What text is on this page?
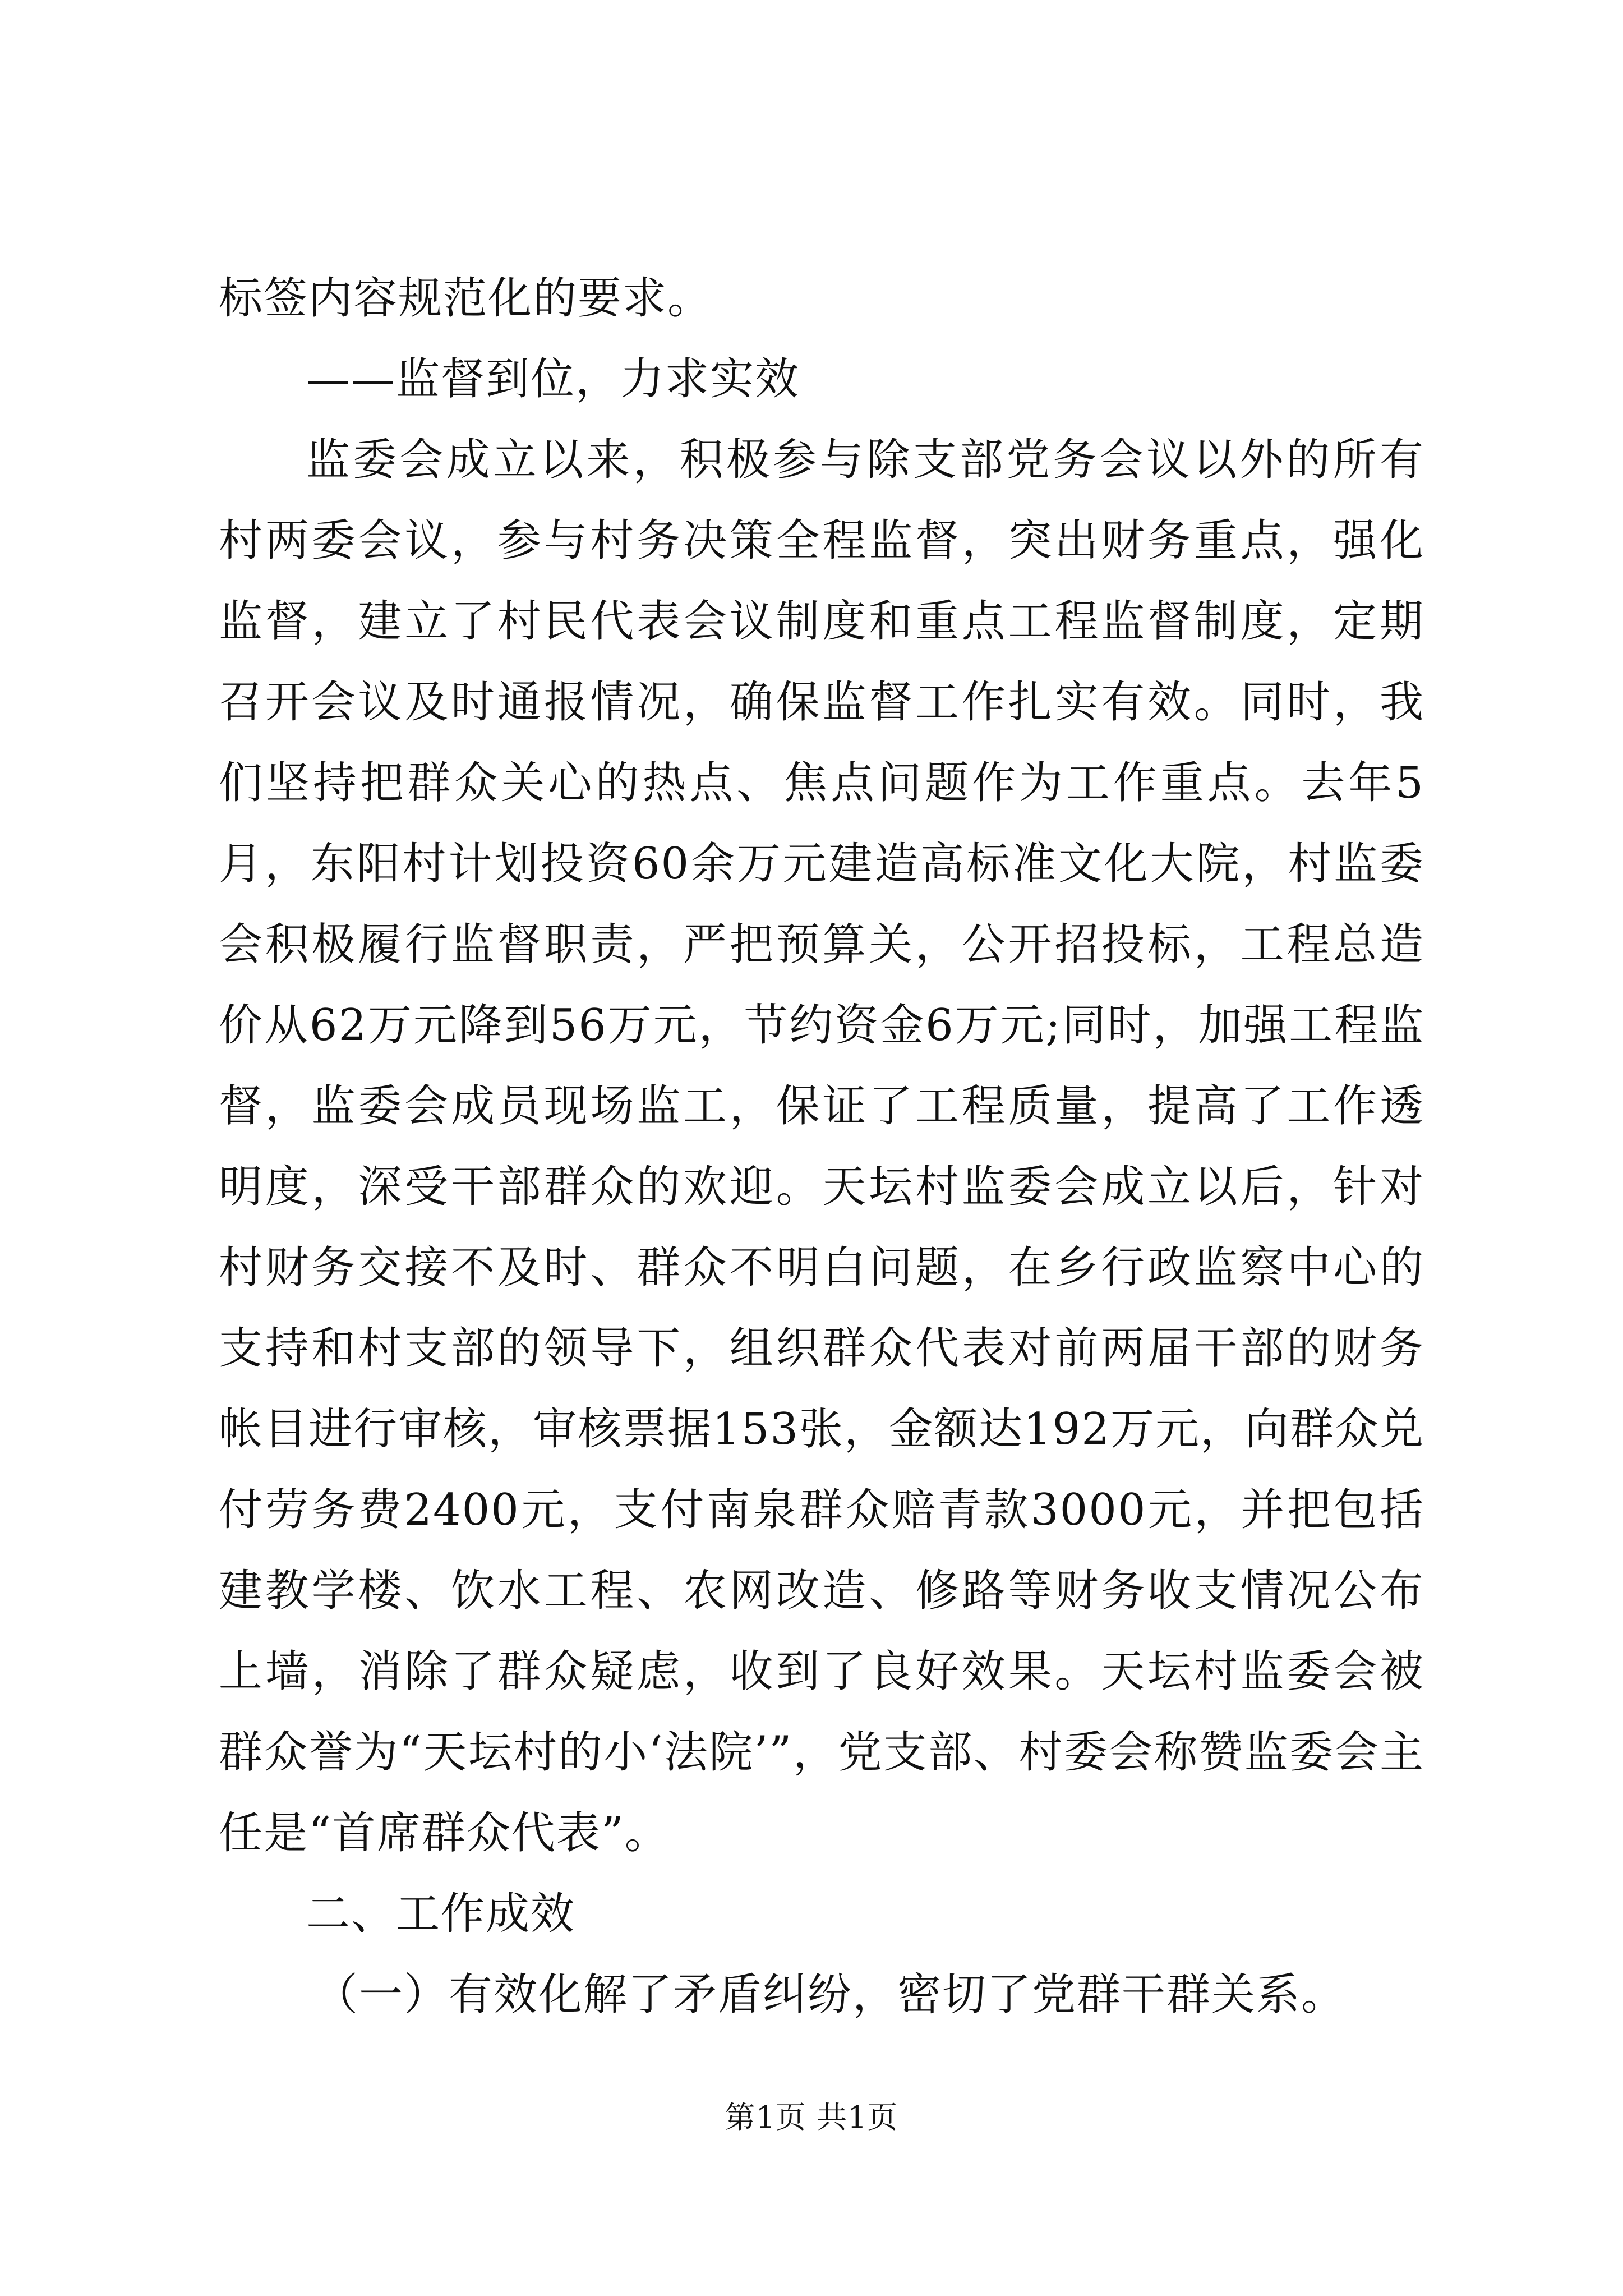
标签内容规范化的要求。

——监督到位，力求实效

监委会成立以来，积极参与除支部党务会议以外的所有村两委会议，参与村务决策全程监督，突出财务重点，强化监督，建立了村民代表会议制度和重点工程监督制度，定期召开会议及时通报情况，确保监督工作扎实有效。同时，我们坚持把群众关心的热点、焦点问题作为工作重点。去年5月，东阳村计划投资60余万元建造高标准文化大院，村监委会积极履行监督职责，严把预算关，公开招投标，工程总造价从62万元降到56万元，节约资金6万元;同时，加强工程监督，监委会成员现场监工，保证了工程质量，提高了工作透明度，深受干部群众的欢迎。天坛村监委会成立以后，针对村财务交接不及时、群众不明白问题，在乡行政监察中心的支持和村支部的领导下，组织群众代表对前两届干部的财务帐目进行审核，审核票据153张，金额达192万元，向群众兑付劳务费2400元，支付南泉群众赔青款3000元，并把包括建教学楼、饮水工程、农网改造、修路等财务收支情况公布上墙，消除了群众疑虑，收到了良好效果。天坛村监委会被群众誉为“天坛村的小‘法院’”，党支部、村委会称赞监委会主任是“首席群众代表”。

二、工作成效

（一）有效化解了矛盾纠纷，密切了党群干群关系。

第1页 共1页
